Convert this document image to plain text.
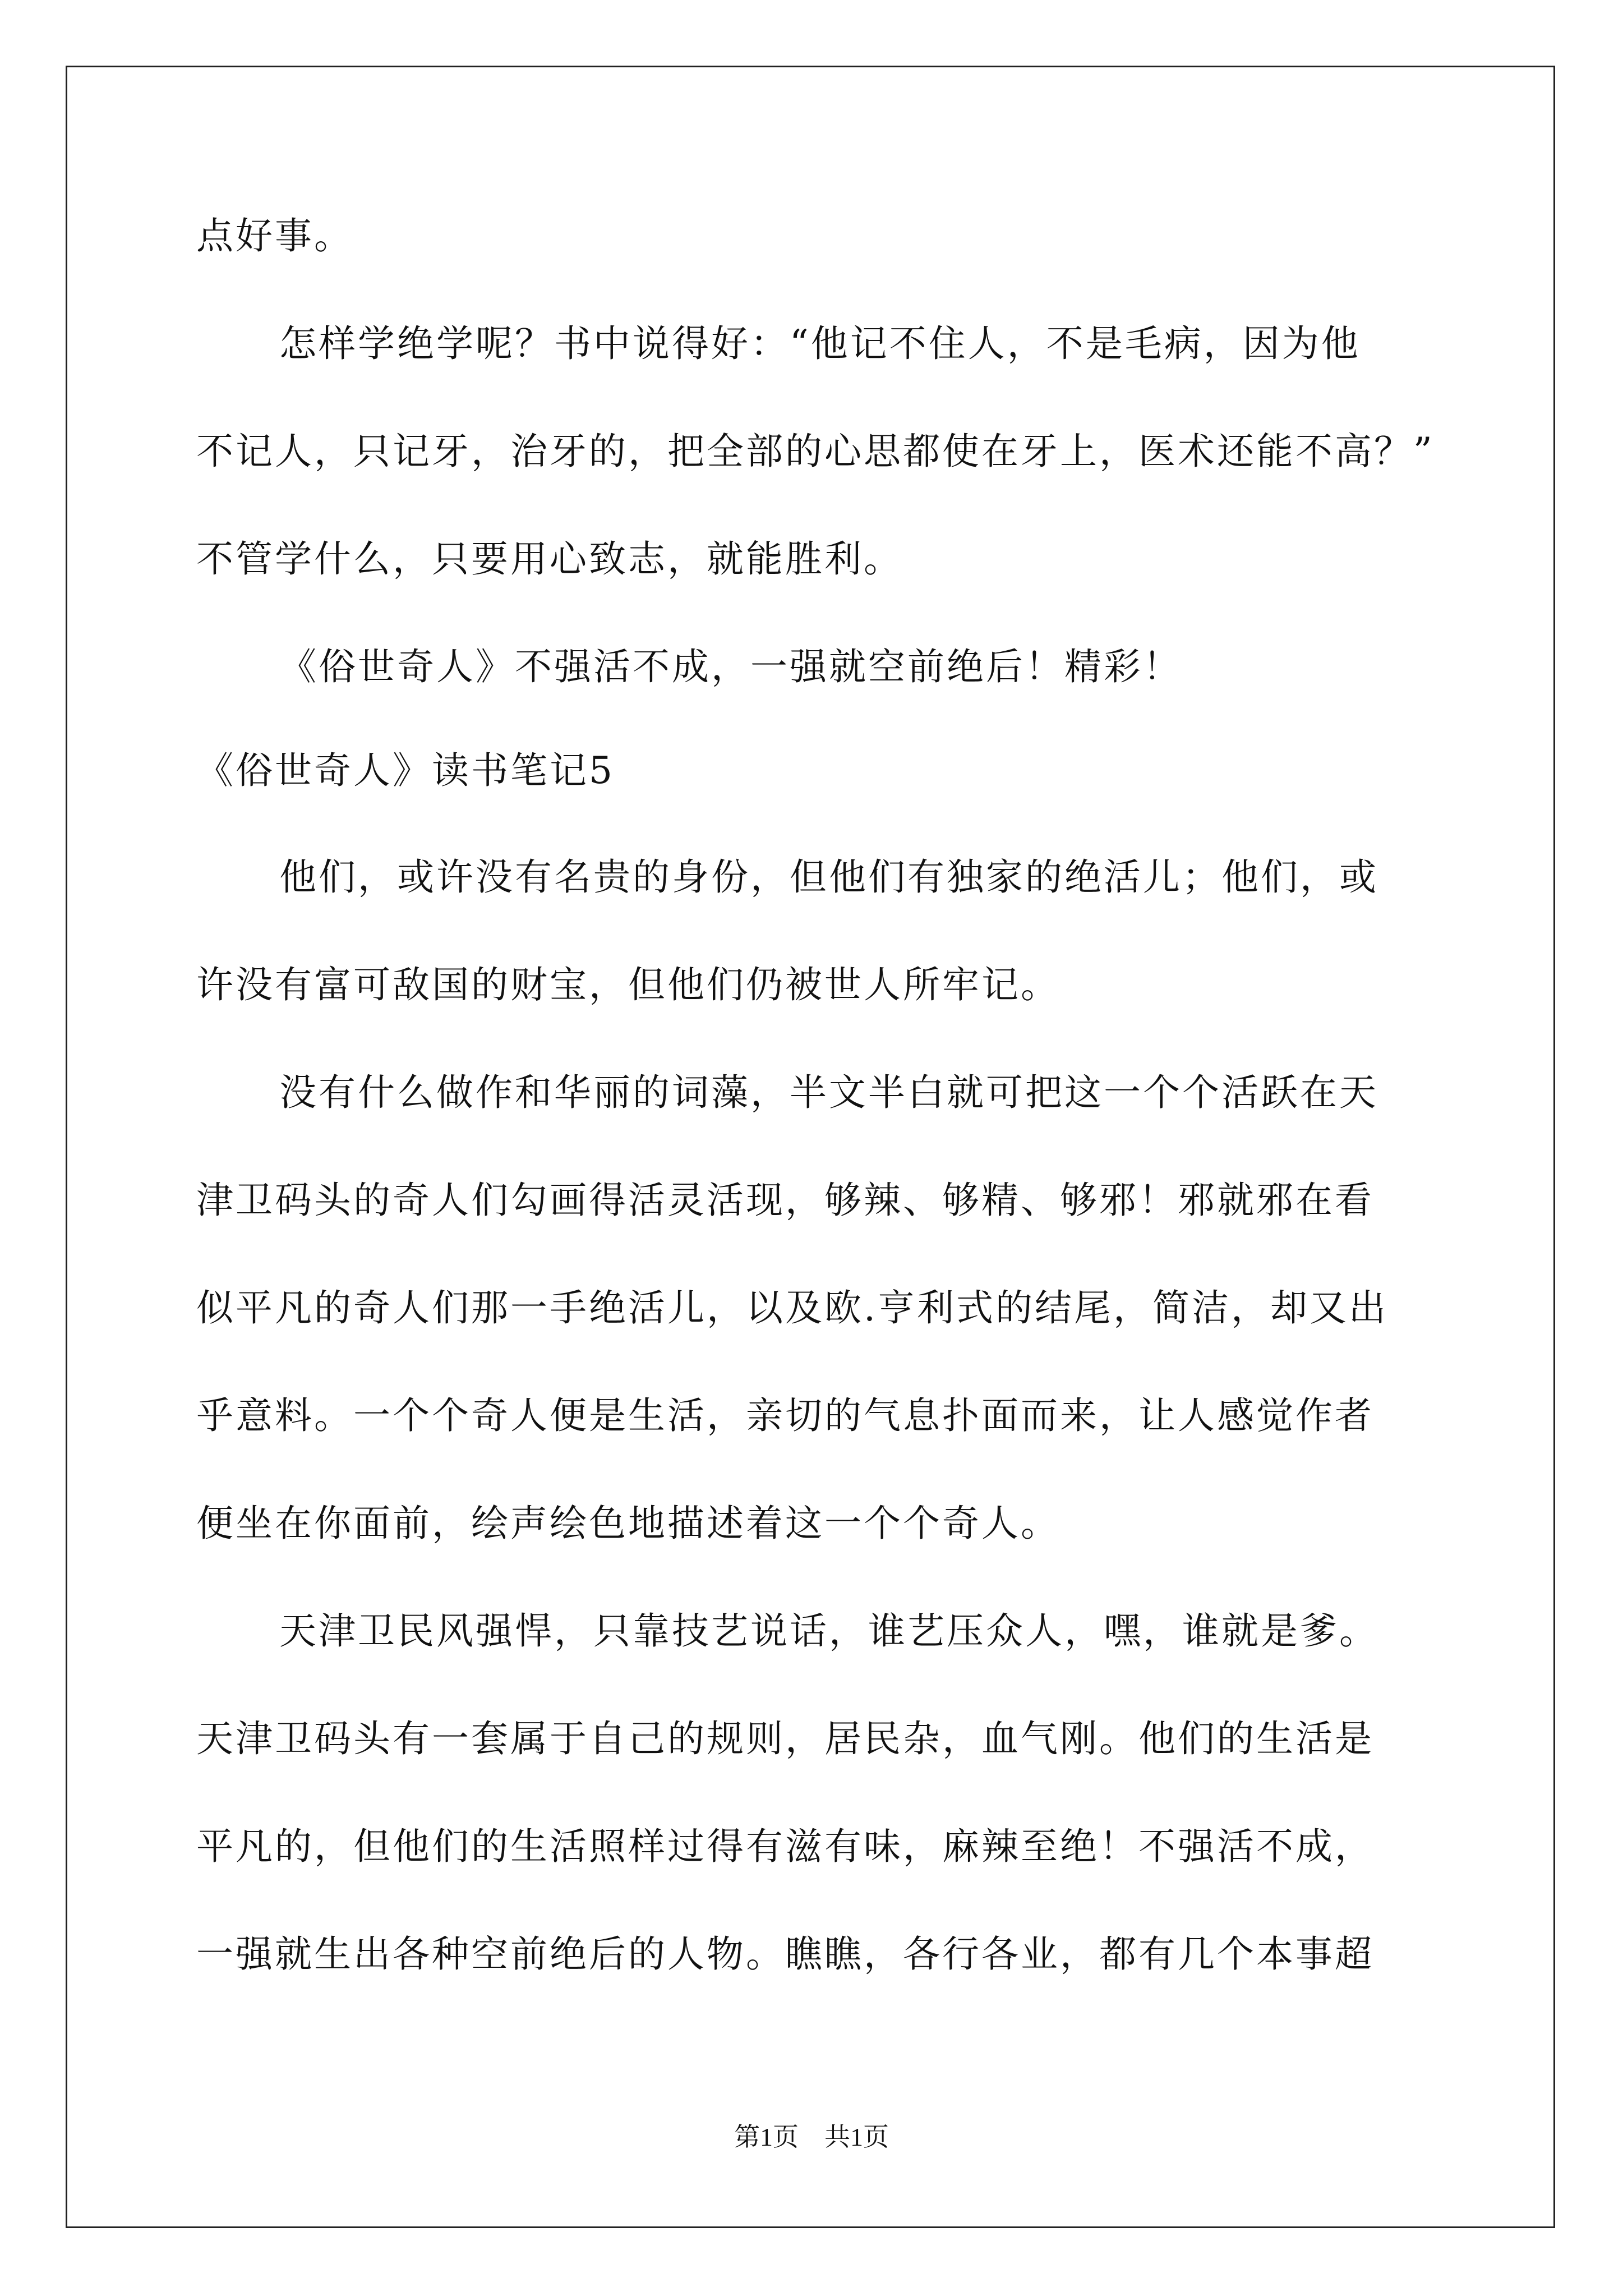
点好事。
怎样学绝学呢？书中说得好：“他记不住人，不是毛病，因为他
不记人，只记牙，治牙的，把全部的心思都使在牙上，医术还能不高？”
不管学什么，只要用心致志，就能胜利。
《俗世奇人》不强活不成，一强就空前绝后！精彩！
《俗世奇人》读书笔记5
他们，或许没有名贵的身份，但他们有独家的绝活儿；他们，或
许没有富可敌国的财宝，但他们仍被世人所牢记。
没有什么做作和华丽的词藻，半文半白就可把这一个个活跃在天
津卫码头的奇人们勾画得活灵活现，够辣、够精、够邪！邪就邪在看
似平凡的奇人们那一手绝活儿，以及欧.亨利式的结尾，简洁，却又出
乎意料。一个个奇人便是生活，亲切的气息扑面而来，让人感觉作者
便坐在你面前，绘声绘色地描述着这一个个奇人。
天津卫民风强悍，只靠技艺说话，谁艺压众人，嘿，谁就是爹。
天津卫码头有一套属于自己的规则，居民杂，血气刚。他们的生活是
平凡的，但他们的生活照样过得有滋有味，麻辣至绝！不强活不成，
一强就生出各种空前绝后的人物。瞧瞧，各行各业，都有几个本事超
第1页　共1页
